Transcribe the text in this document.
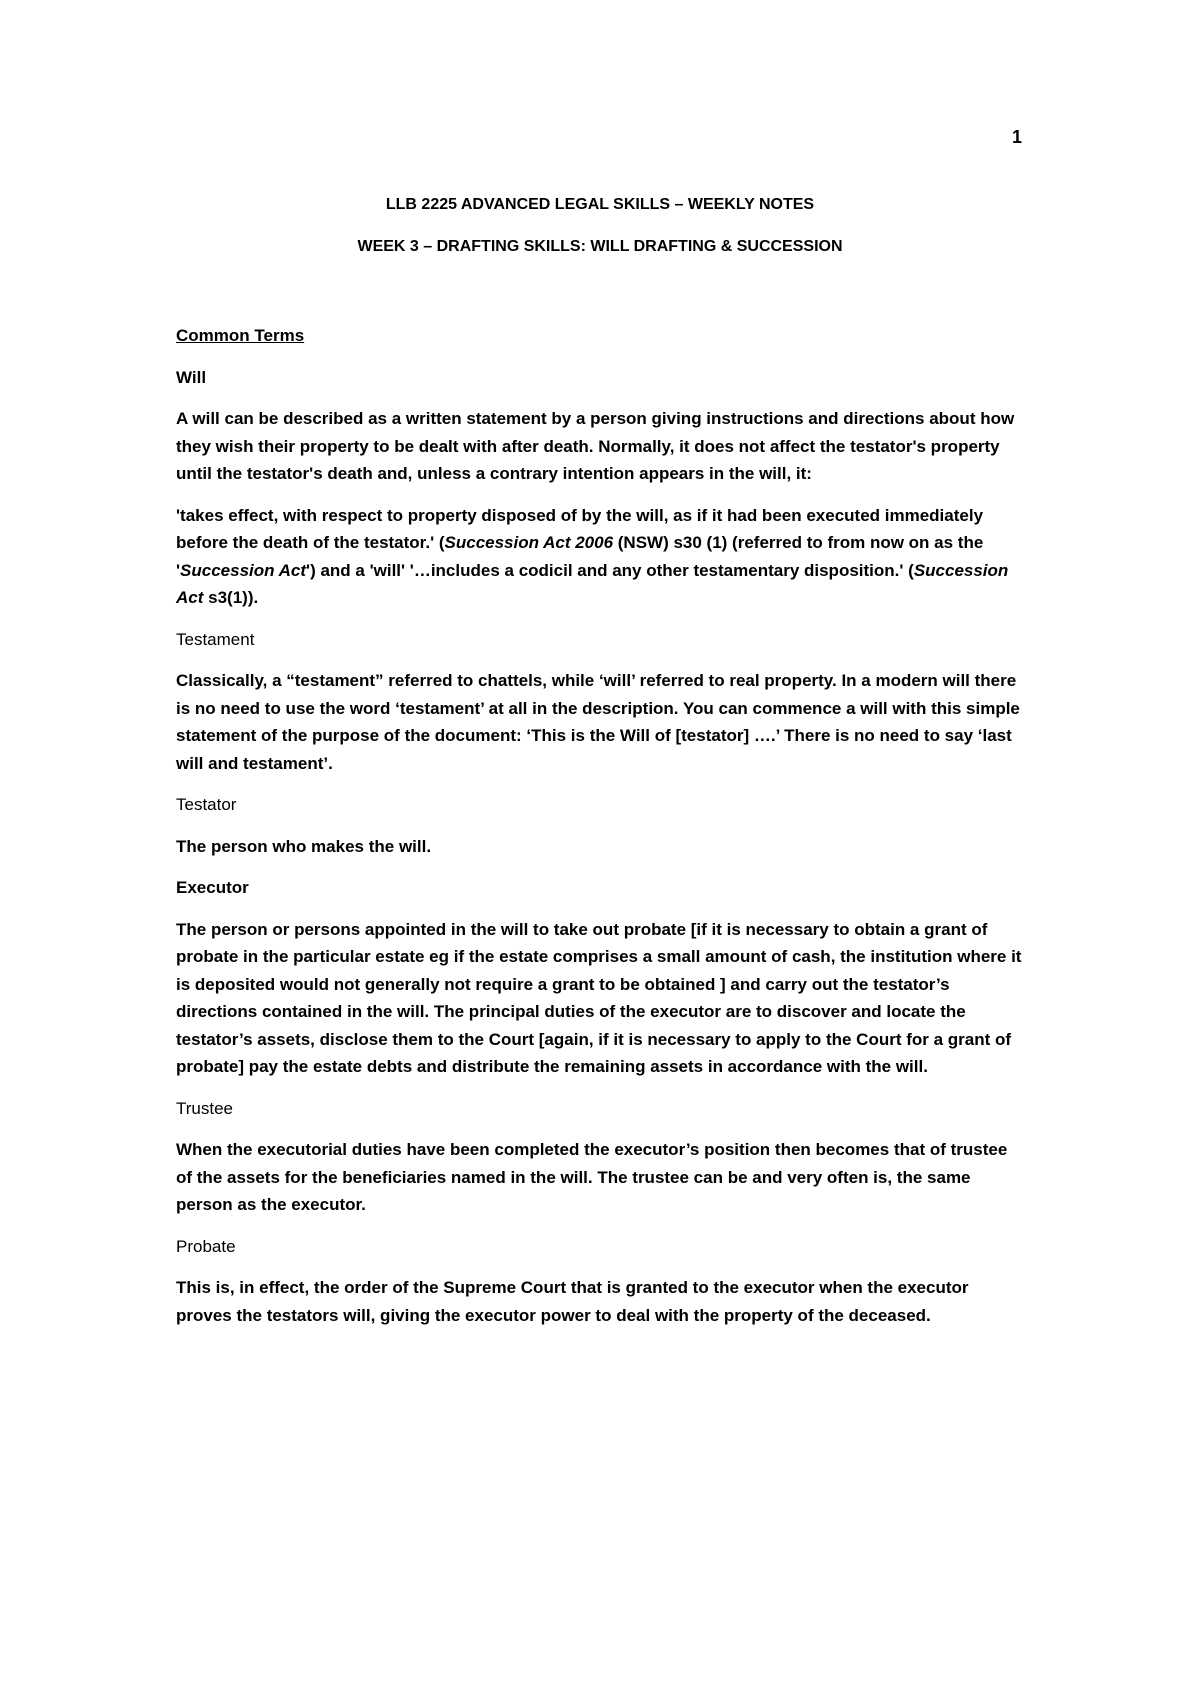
1
LLB 2225 ADVANCED LEGAL SKILLS – WEEKLY NOTES
WEEK 3 – DRAFTING SKILLS: WILL DRAFTING & SUCCESSION

Common Terms

Will

A will can be described as a written statement by a person giving instructions and directions about how they wish their property to be dealt with after death. Normally, it does not affect the testator's property until the testator's death and, unless a contrary intention appears in the will, it:

'takes effect, with respect to property disposed of by the will, as if it had been executed immediately before the death of the testator.' (Succession Act 2006 (NSW) s30 (1) (referred to from now on as the 'Succession Act') and a 'will' '…includes a codicil and any other testamentary disposition.' (Succession Act s3(1)).

Testament

Classically, a “testament” referred to chattels, while ‘will’ referred to real property. In a modern will there is no need to use the word ‘testament’ at all in the description. You can commence a will with this simple statement of the purpose of the document: ‘This is the Will of [testator] ….’ There is no need to say ‘last will and testament’.

Testator

The person who makes the will.

Executor

The person or persons appointed in the will to take out probate [if it is necessary to obtain a grant of probate in the particular estate eg if the estate comprises a small amount of cash, the institution where it is deposited would not generally not require a grant to be obtained ] and carry out the testator’s directions contained in the will. The principal duties of the executor are to discover and locate the testator’s assets, disclose them to the Court [again, if it is necessary to apply to the Court for a grant of probate] pay the estate debts and distribute the remaining assets in accordance with the will.

Trustee

When the executorial duties have been completed the executor’s position then becomes that of trustee of the assets for the beneficiaries named in the will. The trustee can be and very often is, the same person as the executor.

Probate

This is, in effect, the order of the Supreme Court that is granted to the executor when the executor proves the testators will, giving the executor power to deal with the property of the deceased.
